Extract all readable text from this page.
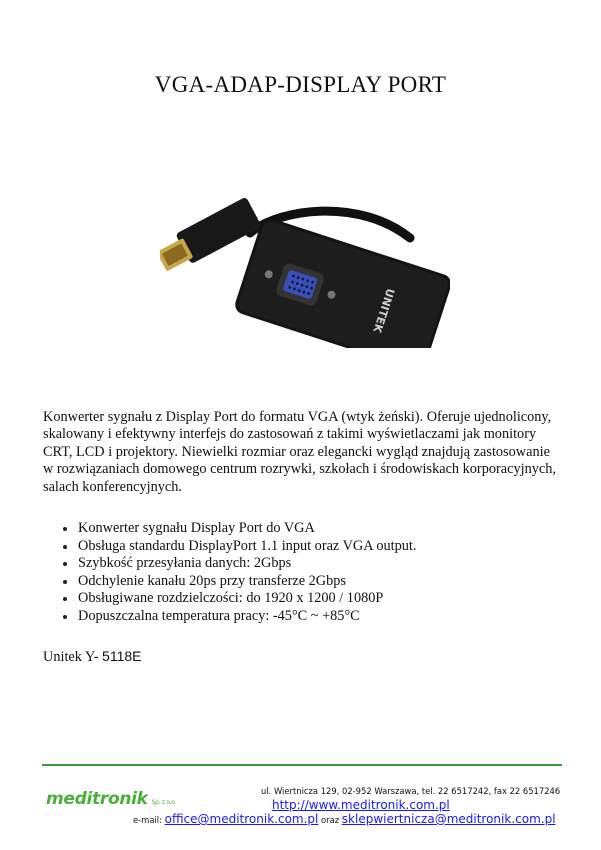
VGA-ADAP-DISPLAY PORT
UNITEK
Konwerter sygnału z Display Port do formatu VGA (wtyk żeński). Oferuje ujednolicony, skalowany i efektywny interfejs do zastosowań z takimi wyświetlaczami jak monitory CRT, LCD i projektory. Niewielki rozmiar oraz elegancki wygląd znajdują zastosowanie w rozwiązaniach domowego centrum rozrywki, szkołach i środowiskach korporacyjnych, salach konferencyjnych.
Konwerter sygnału Display Port do VGA
Obsługa standardu DisplayPort 1.1 input oraz VGA output.
Szybkość przesyłania danych: 2Gbps
Odchylenie kanału 20ps przy transferze 2Gbps
Obsługiwane rozdzielczości: do 1920 x 1200 / 1080P
Dopuszczalna temperatura pracy: -45°C ~ +85°C
Unitek Y- 5118E
meditronik Sp. z o.o.
ul. Wiertnicza 129, 02-952 Warszawa, tel. 22 6517242, fax 22 6517246
http://www.meditronik.com.pl
e-mail: office@meditronik.com.pl oraz sklepwiertnicza@meditronik.com.pl
